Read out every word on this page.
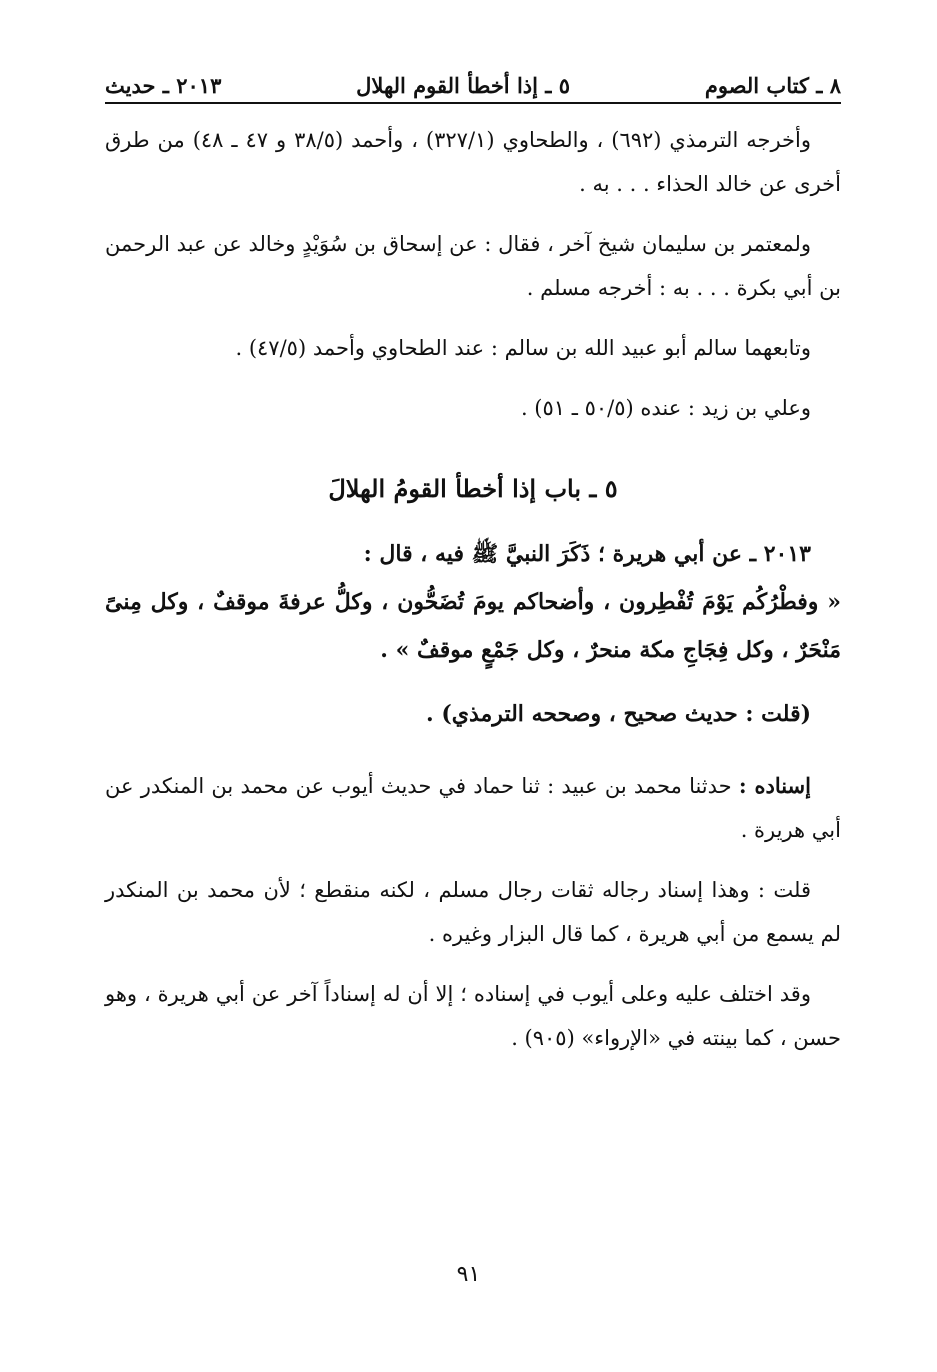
٨ ـ كتاب الصوم
٥ ـ إذا أخطأ القوم الهلال
٢٠١٣ ـ حديث

وأخرجه الترمذي (٦٩٢) ، والطحاوي (٣٢٧/١) ، وأحمد (٣٨/٥ و ٤٧ ـ ٤٨) من طرق أخرى عن خالد الحذاء . . . به .

ولمعتمر بن سليمان شيخ آخر ، فقال : عن إسحاق بن سُوَيْدٍ وخالد عن عبد الرحمن بن أبي بكرة . . . به : أخرجه مسلم .

وتابعهما سالم أبو عبيد الله بن سالم : عند الطحاوي وأحمد (٤٧/٥) .

وعلي بن زيد : عنده (٥٠/٥ ـ ٥١) .

٥ ـ باب إذا أخطأ القومُ الهلالَ

٢٠١٣ ـ عن أبي هريرة ؛ ذَكَرَ النبيَّ ﷺ فيه ، قال :

« وفطْرُكُم يَوْمَ تُفْطِرون ، وأضحاكم يومَ تُضَحُّون ، وكلُّ عرفةَ موقفٌ ، وكل مِنىً مَنْحَرٌ ، وكل فِجَاجِ مكة منحرٌ ، وكل جَمْعٍ موقفٌ » .

(قلت : حديث صحيح ، وصححه الترمذي) .

إسناده : حدثنا محمد بن عبيد : ثنا حماد في حديث أيوب عن محمد بن المنكدر عن أبي هريرة .

قلت : وهذا إسناد رجاله ثقات رجال مسلم ، لكنه منقطع ؛ لأن محمد بن المنكدر لم يسمع من أبي هريرة ، كما قال البزار وغيره .

وقد اختلف عليه وعلى أيوب في إسناده ؛ إلا أن له إسناداً آخر عن أبي هريرة ، وهو حسن ، كما بينته في «الإرواء» (٩٠٥) .

٩١
